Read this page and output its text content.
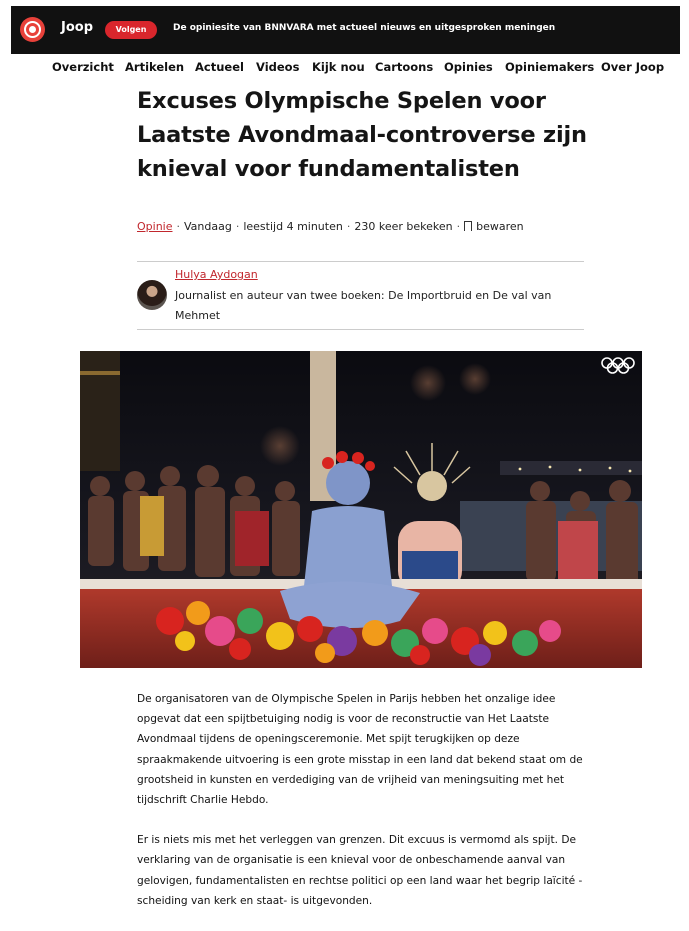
Joop	Volgen	De opiniesite van BNNVARA met actueel nieuws en uitgesproken meningen
Overzicht Artikelen Actueel Videos Kijk nou Cartoons Opinies Opiniemakers Over Joop
Excuses Olympische Spelen voor Laatste Avondmaal-controverse zijn knieval voor fundamentalisten
Opinie · Vandaag · leestijd 4 minuten · 230 keer bekeken · bewaren
Hulya Aydogan
Journalist en auteur van twee boeken: De Importbruid en De val van Mehmet

De organisatoren van de Olympische Spelen in Parijs hebben het onzalige idee opgevat dat een spijtbetuiging nodig is voor de reconstructie van Het Laatste Avondmaal tijdens de openingsceremonie. Met spijt terugkijken op deze spraakmakende uitvoering is een grote misstap in een land dat bekend staat om de grootsheid in kunsten en verdediging van de vrijheid van meningsuiting met het tijdschrift Charlie Hebdo.

Er is niets mis met het verleggen van grenzen. Dit excuus is vermomd als spijt. De verklaring van de organisatie is een knieval voor de onbeschamende aanval van gelovigen, fundamentalisten en rechtse politici op een land waar het begrip laïcité -scheiding van kerk en staat- is uitgevonden.
